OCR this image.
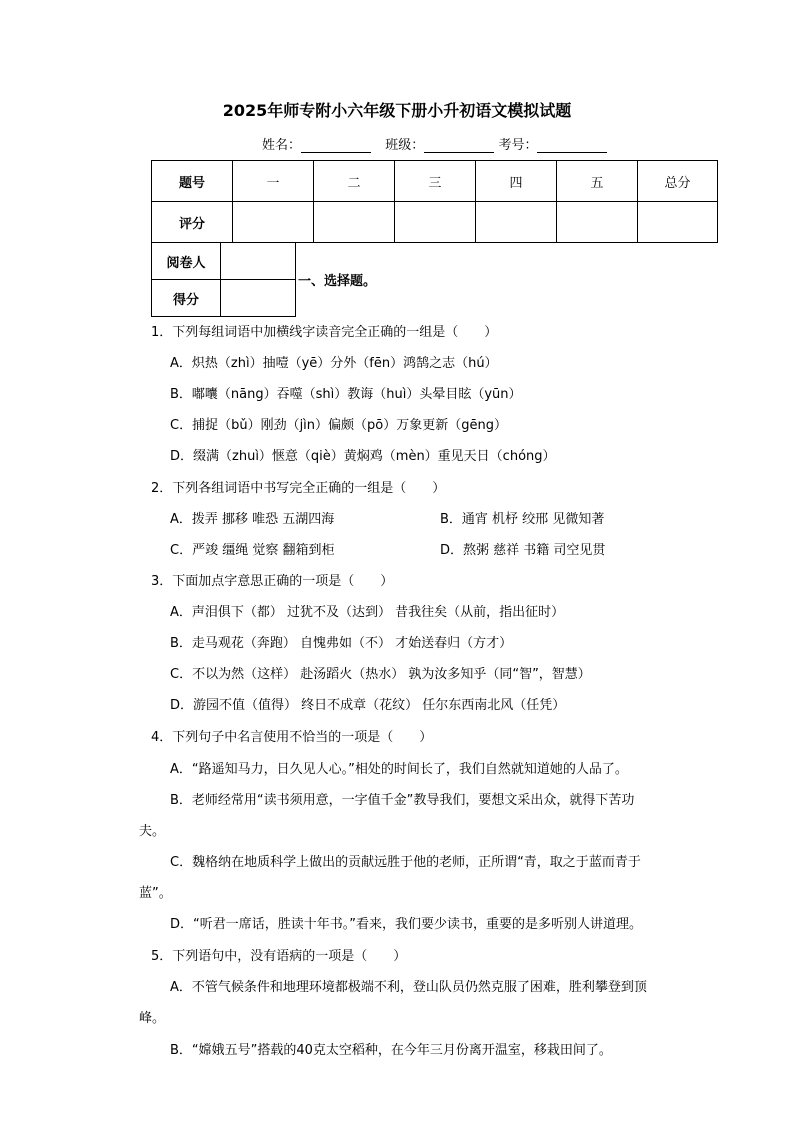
2025年师专附小六年级下册小升初语文模拟试题
姓名：	班级：	考号：
题号	一	二	三	四	五	总分
评分						
阅卷人	
得分	
一、选择题。
1．下列每组词语中加横线字读音完全正确的一组是（　　）
A．炽热（zhì）抽噎（yē）分外（fēn）鸿鹄之志（hú）
B．嘟囔（nāng）吞噬（shì）教诲（huì）头晕目眩（yūn）
C．捕捉（bǔ）刚劲（jìn）偏颇（pō）万象更新（gēng）
D．缀满（zhuì）惬意（qiè）黄焖鸡（mèn）重见天日（chóng）
2．下列各组词语中书写完全正确的一组是（　　）
A．拨弄 挪移 唯恐 五湖四海	B．通宵 机杼 绞邢 见微知著
C．严竣 缰绳 觉察 翻箱到柜	D．熬粥 慈祥 书籍 司空见贯
3．下面加点字意思正确的一项是（　　）
A．声泪俱下（都） 过犹不及（达到） 昔我往矣（从前，指出征时）
B．走马观花（奔跑） 自愧弗如（不） 才始送春归（方才）
C．不以为然（这样） 赴汤蹈火（热水） 孰为汝多知乎（同“智”，智慧）
D．游园不值（值得） 终日不成章（花纹） 任尔东西南北风（任凭）
4．下列句子中名言使用不恰当的一项是（　　）
A．“路遥知马力，日久见人心。”相处的时间长了，我们自然就知道她的人品了。
B．老师经常用“读书须用意，一字值千金”教导我们，要想文采出众，就得下苦功
夫。
C．魏格纳在地质科学上做出的贡献远胜于他的老师，正所谓“青，取之于蓝而青于
蓝”。
D．“听君一席话，胜读十年书。”看来，我们要少读书，重要的是多听别人讲道理。
5．下列语句中，没有语病的一项是（　　）
A．不管气候条件和地理环境都极端不利，登山队员仍然克服了困难，胜利攀登到顶
峰。
B．“嫦娥五号”搭载的40克太空稻种，在今年三月份离开温室，移栽田间了。
